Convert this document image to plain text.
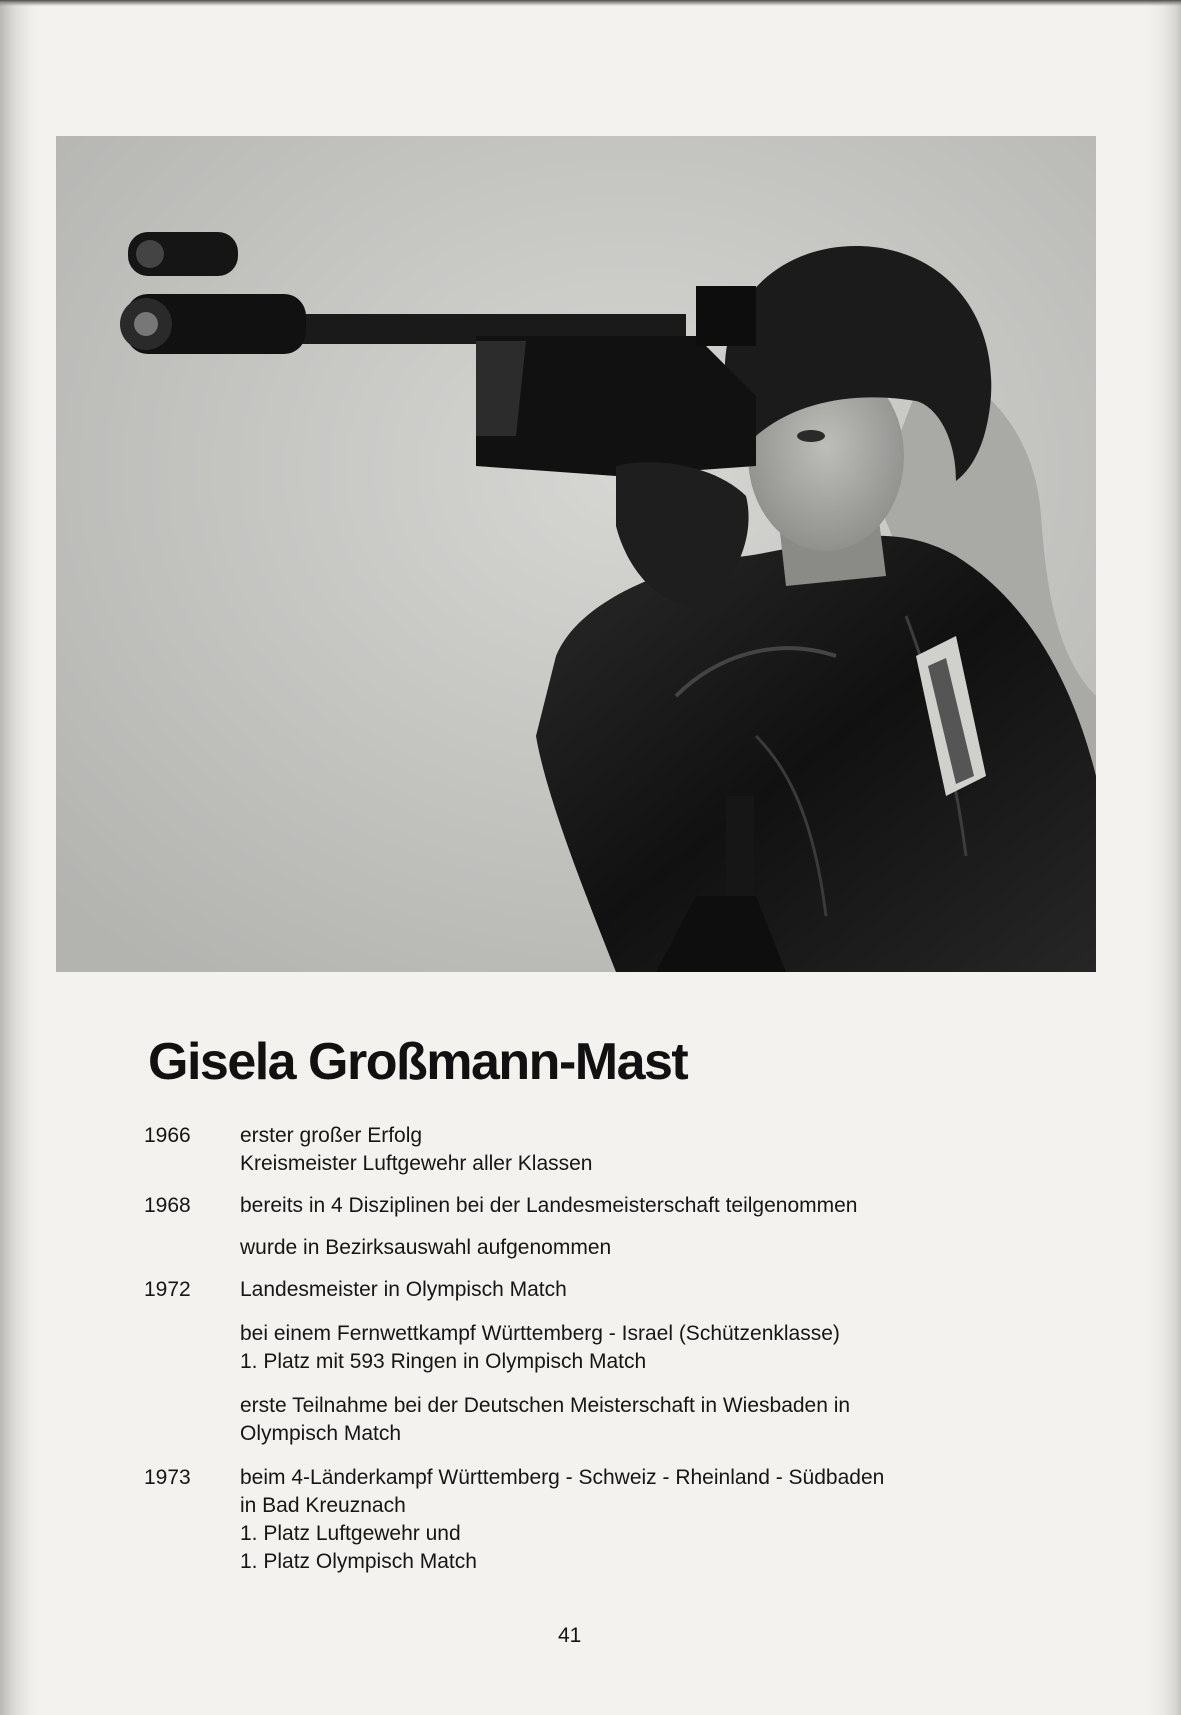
Gisela Großmann-Mast
1966	erster großer Erfolg
Kreismeister Luftgewehr aller Klassen
1968	bereits in 4 Disziplinen bei der Landesmeisterschaft teilgenommen
wurde in Bezirksauswahl aufgenommen
1972	Landesmeister in Olympisch Match
bei einem Fernwettkampf Württemberg - Israel (Schützenklasse)
1. Platz mit 593 Ringen in Olympisch Match
erste Teilnahme bei der Deutschen Meisterschaft in Wiesbaden in
Olympisch Match
1973	beim 4-Länderkampf Württemberg - Schweiz - Rheinland - Südbaden
in Bad Kreuznach
1. Platz Luftgewehr und
1. Platz Olympisch Match
41
